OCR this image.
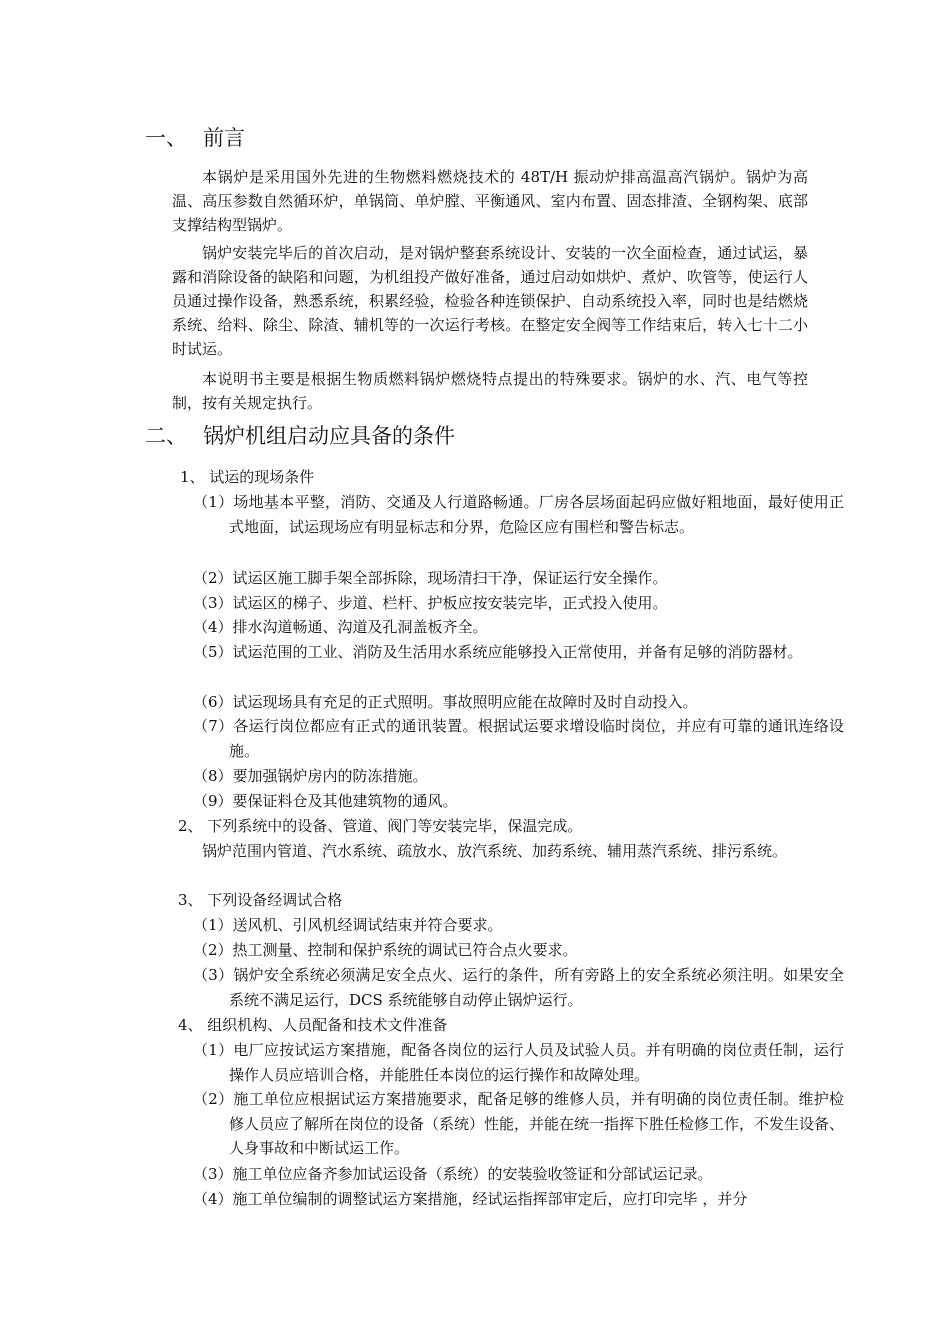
一、 前言
本锅炉是采用国外先进的生物燃料燃烧技术的 48T/H 振动炉排高温高汽锅炉。锅炉为高温、高压参数自然循环炉，单锅筒、单炉膛、平衡通风、室内布置、固态排渣、全钢构架、底部支撑结构型锅炉。
锅炉安装完毕后的首次启动，是对锅炉整套系统设计、安装的一次全面检查，通过试运，暴露和消除设备的缺陷和问题，为机组投产做好准备，通过启动如烘炉、煮炉、吹管等，使运行人员通过操作设备，熟悉系统，积累经验，检验各种连锁保护、自动系统投入率，同时也是结燃烧系统、给料、除尘、除渣、辅机等的一次运行考核。在整定安全阀等工作结束后，转入七十二小时试运。
本说明书主要是根据生物质燃料锅炉燃烧特点提出的特殊要求。锅炉的水、汽、电气等控制，按有关规定执行。
二、 锅炉机组启动应具备的条件
1、 试运的现场条件
（1）场地基本平整，消防、交通及人行道路畅通。厂房各层场面起码应做好粗地面，最好使用正式地面，试运现场应有明显标志和分界，危险区应有围栏和警告标志。
（2）试运区施工脚手架全部拆除，现场清扫干净，保证运行安全操作。
（3）试运区的梯子、步道、栏杆、护板应按安装完毕，正式投入使用。
（4）排水沟道畅通、沟道及孔洞盖板齐全。
（5）试运范围的工业、消防及生活用水系统应能够投入正常使用，并备有足够的消防器材。
（6）试运现场具有充足的正式照明。事故照明应能在故障时及时自动投入。
（7）各运行岗位都应有正式的通讯装置。根据试运要求增设临时岗位，并应有可靠的通讯连络设施。
（8）要加强锅炉房内的防冻措施。
（9）要保证料仓及其他建筑物的通风。
2、 下列系统中的设备、管道、阀门等安装完毕，保温完成。
锅炉范围内管道、汽水系统、疏放水、放汽系统、加药系统、辅用蒸汽系统、排污系统。
3、 下列设备经调试合格
（1）送风机、引风机经调试结束并符合要求。
（2）热工测量、控制和保护系统的调试已符合点火要求。
（3）锅炉安全系统必须满足安全点火、运行的条件，所有旁路上的安全系统必须注明。如果安全系统不满足运行，DCS 系统能够自动停止锅炉运行。
4、 组织机构、人员配备和技术文件准备
（1）电厂应按试运方案措施，配备各岗位的运行人员及试验人员。并有明确的岗位责任制，运行操作人员应培训合格，并能胜任本岗位的运行操作和故障处理。
（2）施工单位应根据试运方案措施要求，配备足够的维修人员，并有明确的岗位责任制。维护检修人员应了解所在岗位的设备（系统）性能，并能在统一指挥下胜任检修工作，不发生设备、人身事故和中断试运工作。
（3）施工单位应备齐参加试运设备（系统）的安装验收签证和分部试运记录。
（4）施工单位编制的调整试运方案措施，经试运指挥部审定后，应打印完毕 ，并分
